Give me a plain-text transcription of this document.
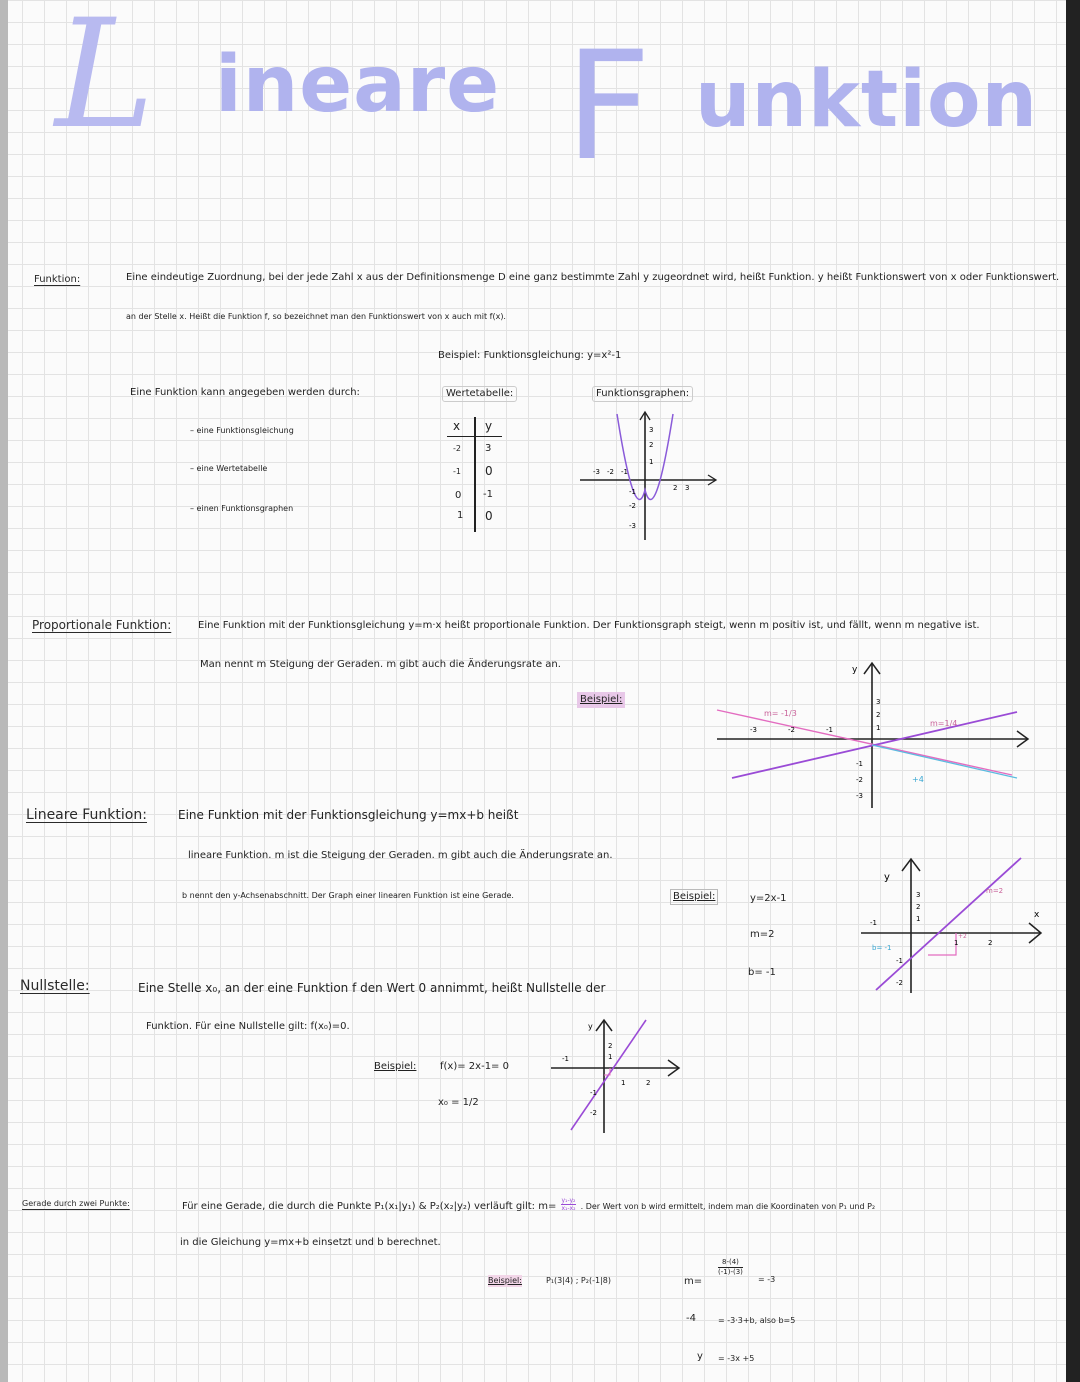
L ineare F unktion
Funktion:	Eine eindeutige Zuordnung, bei der jede Zahl x aus der Definitionsmenge D eine ganz bestimmte Zahl y zugeordnet wird, heißt Funktion. y heißt Funktionswert von x oder Funktionswert.
an der Stelle x. Heißt die Funktion f, so bezeichnet man den Funktionswert von x auch mit f(x).
Beispiel: Funktionsgleichung: y=x²-1
Eine Funktion kann angegeben werden durch:
– eine Funktionsgleichung
– eine Wertetabelle
– einen Funktionsgraphen
Wertetabelle:	Funktionsgraphen:
x y
-2 3
-1 0
0 -1
1 0
3
2
1
-1
-2
-3
-3 -2 -1
2 3
Proportionale Funktion:	Eine Funktion mit der Funktionsgleichung y=m·x heißt proportionale Funktion. Der Funktionsgraph steigt, wenn m positiv ist, und fällt, wenn m negative ist.
Man nennt m Steigung der Geraden. m gibt auch die Änderungsrate an.
Beispiel:
m= -1/3
m=1/4
+4
y
3
2
1
-1
-2
-3
-3	-2	-1
Lineare Funktion:	Eine Funktion mit der Funktionsgleichung y=mx+b heißt
lineare Funktion. m ist die Steigung der Geraden. m gibt auch die Änderungsrate an.
b nennt den y-Achsenabschnitt. Der Graph einer linearen Funktion ist eine Gerade.	Beispiel:	y=2x-1
m=2
b= -1
y
x
3
2
1
-1
-2
-1
1	2
m=2
b= -1
+2
Nullstelle:	Eine Stelle x₀, an der eine Funktion f den Wert 0 annimmt, heißt Nullstelle der
Funktion. Für eine Nullstelle gilt: f(x₀)=0.
Beispiel: f(x)= 2x-1= 0
x₀ = 1/2
y
2
1
-1
-2
-1
1	2
Gerade durch zwei Punkte:	Für eine Gerade, die durch die Punkte P₁(x₁|y₁) & P₂(x₂|y₂) verläuft gilt: $m= \frac{\text{y₁-y₂}}{\text{x₁-x₂}}$ . Der Wert von b wird ermittelt, indem man die Koordinaten von P₁ und P₂
in die Gleichung y=mx+b einsetzt und b berechnet.
Beispiel:	P₁(3|4) ; P₂(-1|8)	m=
$\frac{8-(4)}{(-1)-(3)}$
= -3
-4	= -3·3+b, also b=5
y = -3x +5
